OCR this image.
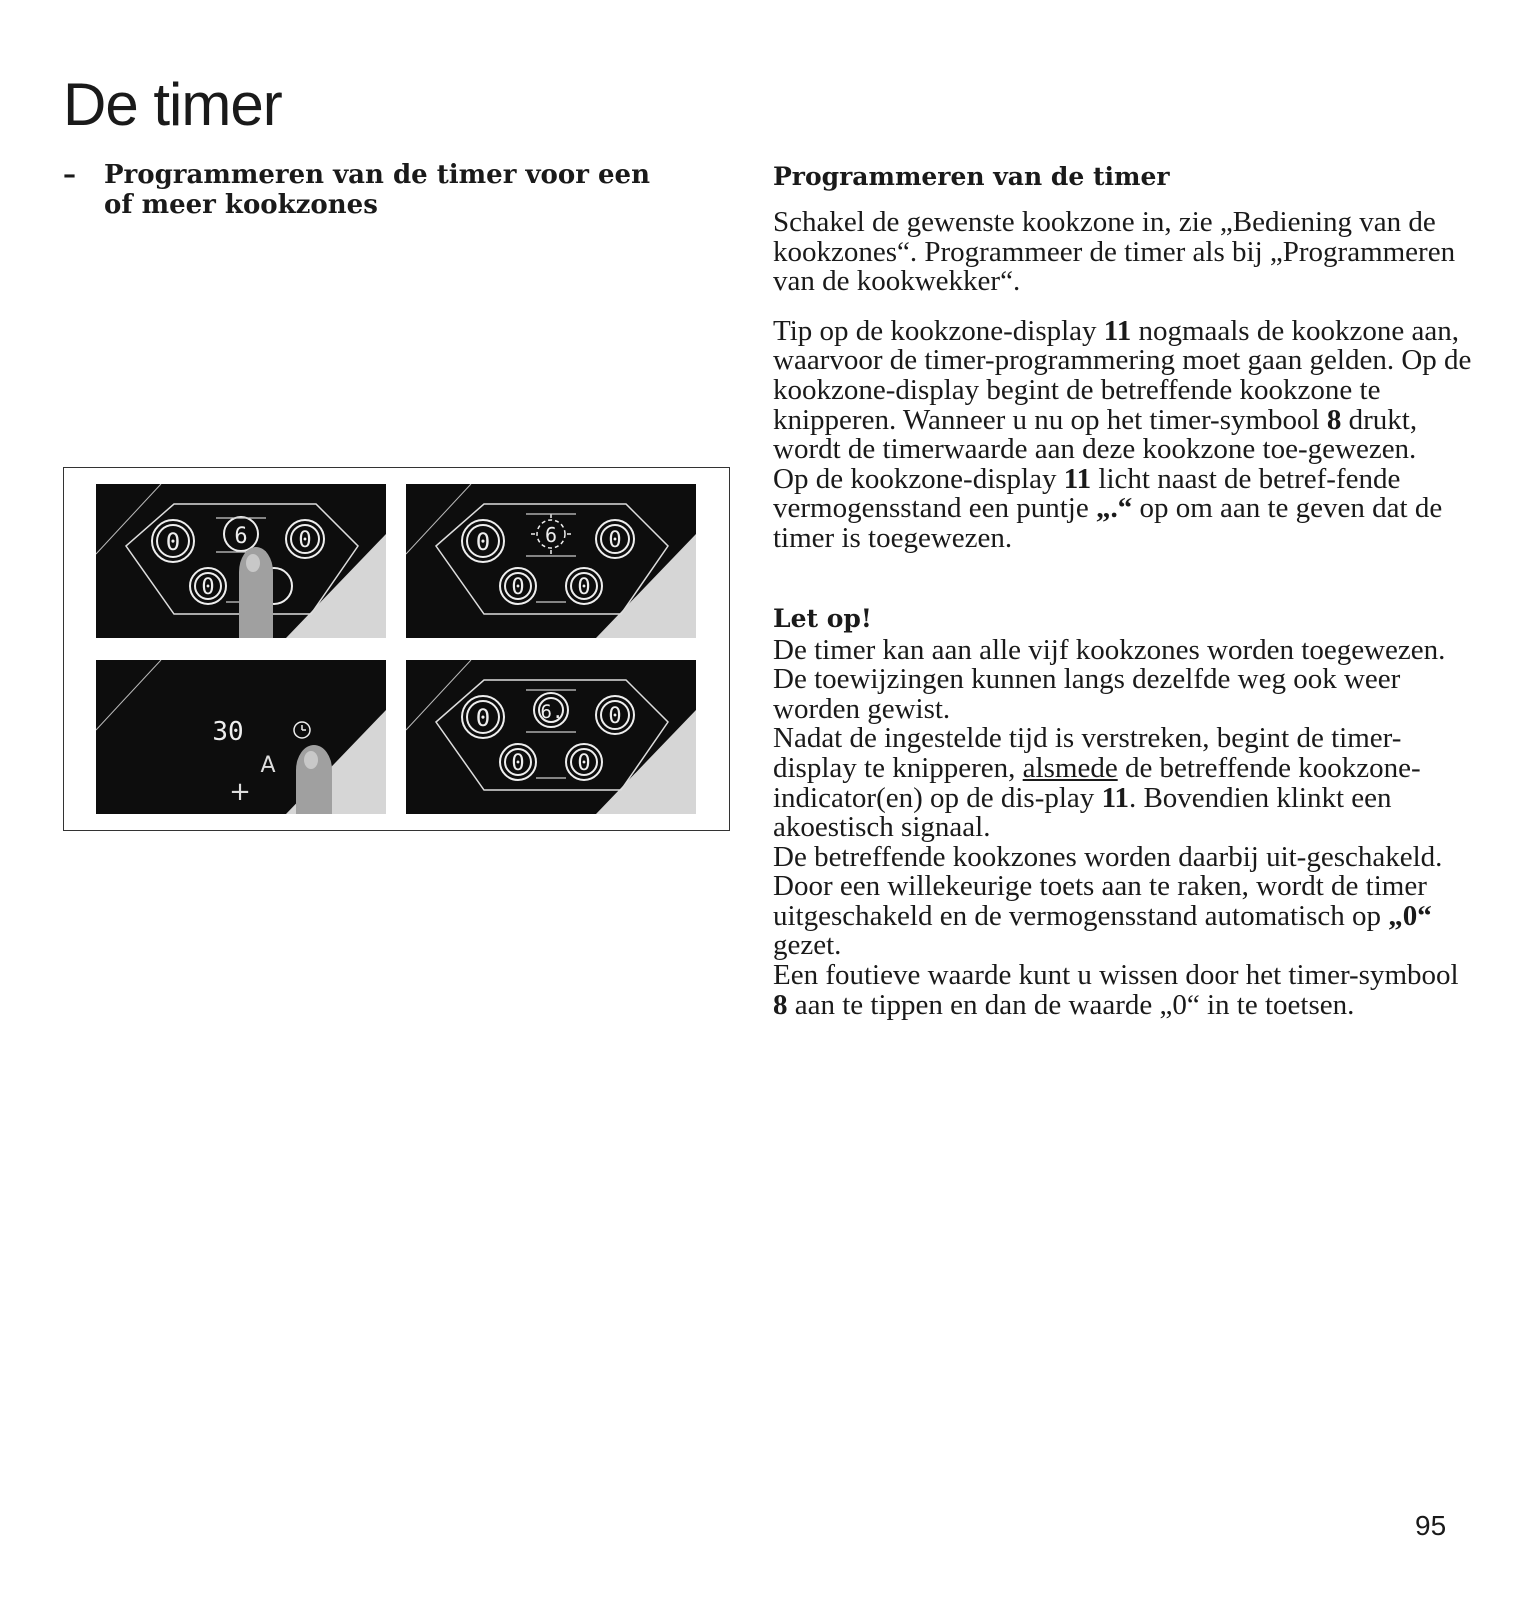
De timer
– Programmeren van de timer voor een of meer kookzones
0 6 0
0
0	6 0
0 0
30
A
+
0	6. 0
0 0
Programmeren van de timer

Schakel de gewenste kookzone in, zie „Bediening van de kookzones“. Programmeer de timer als bij „Programmeren van de kookwekker“.

Tip op de kookzone-display 11 nogmaals de kookzone aan, waarvoor de timer-programmering moet gaan gelden. Op de kookzone-display begint de betreffende kookzone te knipperen. Wanneer u nu op het timer-symbool 8 drukt, wordt de timerwaarde aan deze kookzone toe-gewezen.

Op de kookzone-display 11 licht naast de betref-fende vermogensstand een puntje „.“ op om aan te geven dat de timer is toegewezen.

Let op!

De timer kan aan alle vijf kookzones worden toegewezen.

De toewijzingen kunnen langs dezelfde weg ook weer worden gewist.

Nadat de ingestelde tijd is verstreken, begint de timer-display te knipperen, alsmede de betreffende kookzone-indicator(en) op de dis-play 11. Bovendien klinkt een akoestisch signaal.

De betreffende kookzones worden daarbij uit-geschakeld.

Door een willekeurige toets aan te raken, wordt de timer uitgeschakeld en de vermogensstand automatisch op „0“ gezet.

Een foutieve waarde kunt u wissen door het timer-symbool 8 aan te tippen en dan de waarde „0“ in te toetsen.

95
